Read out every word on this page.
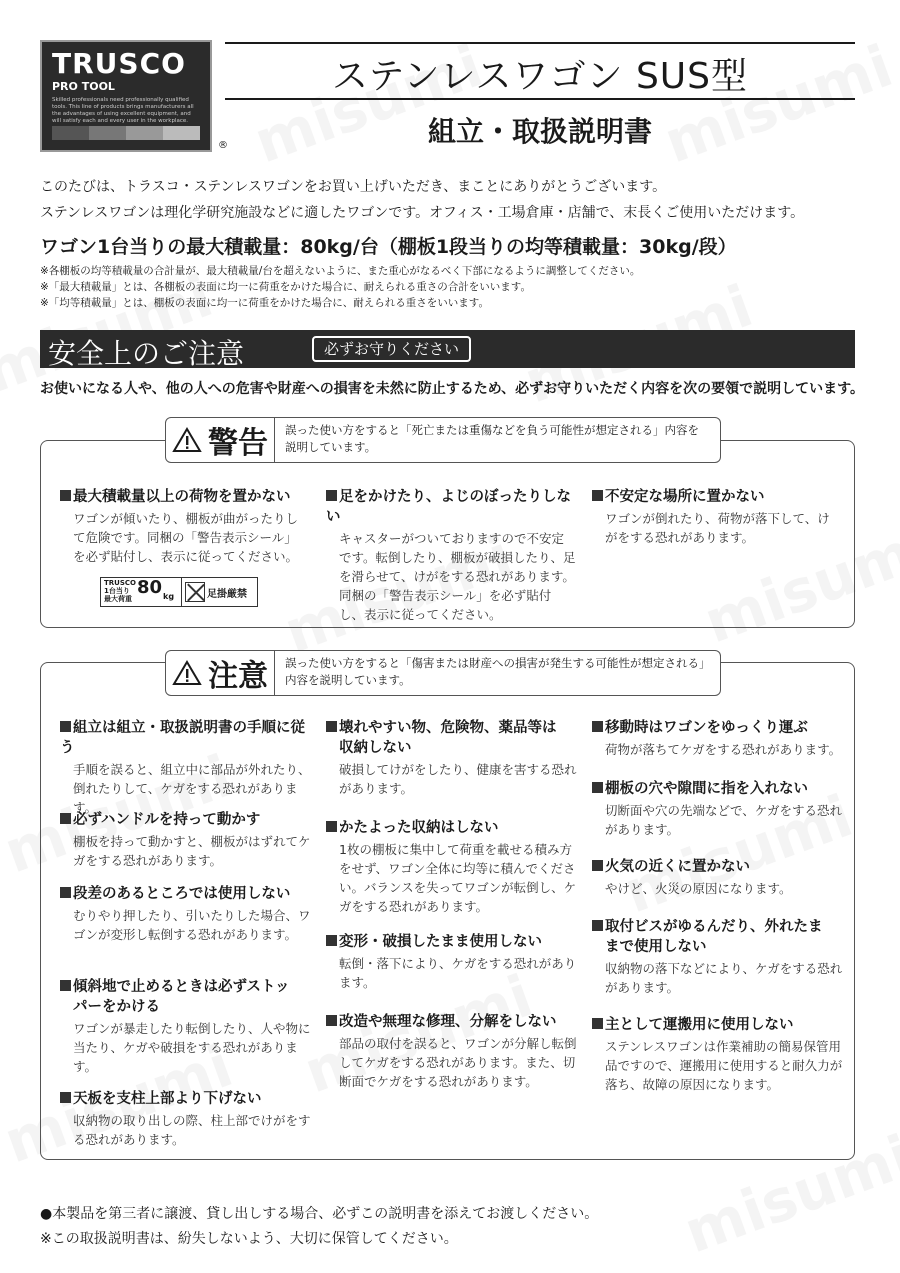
TRUSCO
PRO TOOL
Skilled professionals need professionally qualified tools. This line of products brings manufacturers all the advantages of using excellent equipment, and will satisfy each and every user in the workplace.
®
ステンレスワゴン SUS型
組立・取扱説明書
このたびは、トラスコ・ステンレスワゴンをお買い上げいただき、まことにありがとうございます。
ステンレスワゴンは理化学研究施設などに適したワゴンです。オフィス・工場倉庫・店舗で、末長くご使用いただけます。
ワゴン1台当りの最大積載量：80kg/台（棚板1段当りの均等積載量：30kg/段）
※各棚板の均等積載量の合計量が、最大積載量/台を超えないように、また重心がなるべく下部になるように調整してください。
※「最大積載量」とは、各棚板の表面に均一に荷重をかけた場合に、耐えられる重さの合計をいいます。
※「均等積載量」とは、棚板の表面に均一に荷重をかけた場合に、耐えられる重さをいいます。
安全上のご注意	必ずお守りください
お使いになる人や、他の人への危害や財産への損害を未然に防止するため、必ずお守りいただく内容を次の要領で説明しています。
警告	誤った使い方をすると「死亡または重傷などを負う可能性が想定される」内容を説明しています。
最大積載量以上の荷物を置かない
ワゴンが傾いたり、棚板が曲がったりして危険です。同梱の「警告表示シール」を必ず貼付し、表示に従ってください。
足をかけたり、よじのぼったりしない
キャスターがついておりますので不安定です。転倒したり、棚板が破損したり、足を滑らせて、けがをする恐れがあります。同梱の「警告表示シール」を必ず貼付し、表示に従ってください。
不安定な場所に置かない
ワゴンが倒れたり、荷物が落下して、けがをする恐れがあります。
TRUSCO
1台当り
最大荷重
80 kg	足掛厳禁
注意	誤った使い方をすると「傷害または財産への損害が発生する可能性が想定される」内容を説明しています。
組立は組立・取扱説明書の手順に従う
手順を誤ると、組立中に部品が外れたり、倒れたりして、ケガをする恐れがあります。
必ずハンドルを持って動かす
棚板を持って動かすと、棚板がはずれてケガをする恐れがあります。
段差のあるところでは使用しない
むりやり押したり、引いたりした場合、ワゴンが変形し転倒する恐れがあります。
傾斜地で止めるときは必ずストッ
パーをかける
ワゴンが暴走したり転倒したり、人や物に当たり、ケガや破損をする恐れがあります。
天板を支柱上部より下げない
収納物の取り出しの際、柱上部でけがをする恐れがあります。
壊れやすい物、危険物、薬品等は
収納しない
破損してけがをしたり、健康を害する恐れがあります。
かたよった収納はしない
1枚の棚板に集中して荷重を載せる積み方をせず、ワゴン全体に均等に積んでください。バランスを失ってワゴンが転倒し、ケガをする恐れがあります。
変形・破損したまま使用しない
転倒・落下により、ケガをする恐れがあります。
改造や無理な修理、分解をしない
部品の取付を誤ると、ワゴンが分解し転倒してケガをする恐れがあります。また、切断面でケガをする恐れがあります。
移動時はワゴンをゆっくり運ぶ
荷物が落ちてケガをする恐れがあります。
棚板の穴や隙間に指を入れない
切断面や穴の先端などで、ケガをする恐れがあります。
火気の近くに置かない
やけど、火災の原因になります。
取付ビスがゆるんだり、外れたま
まで使用しない
収納物の落下などにより、ケガをする恐れがあります。
主として運搬用に使用しない
ステンレスワゴンは作業補助の簡易保管用品ですので、運搬用に使用すると耐久力が落ち、故障の原因になります。
●本製品を第三者に譲渡、貸し出しする場合、必ずこの説明書を添えてお渡しください。
※この取扱説明書は、紛失しないよう、大切に保管してください。
